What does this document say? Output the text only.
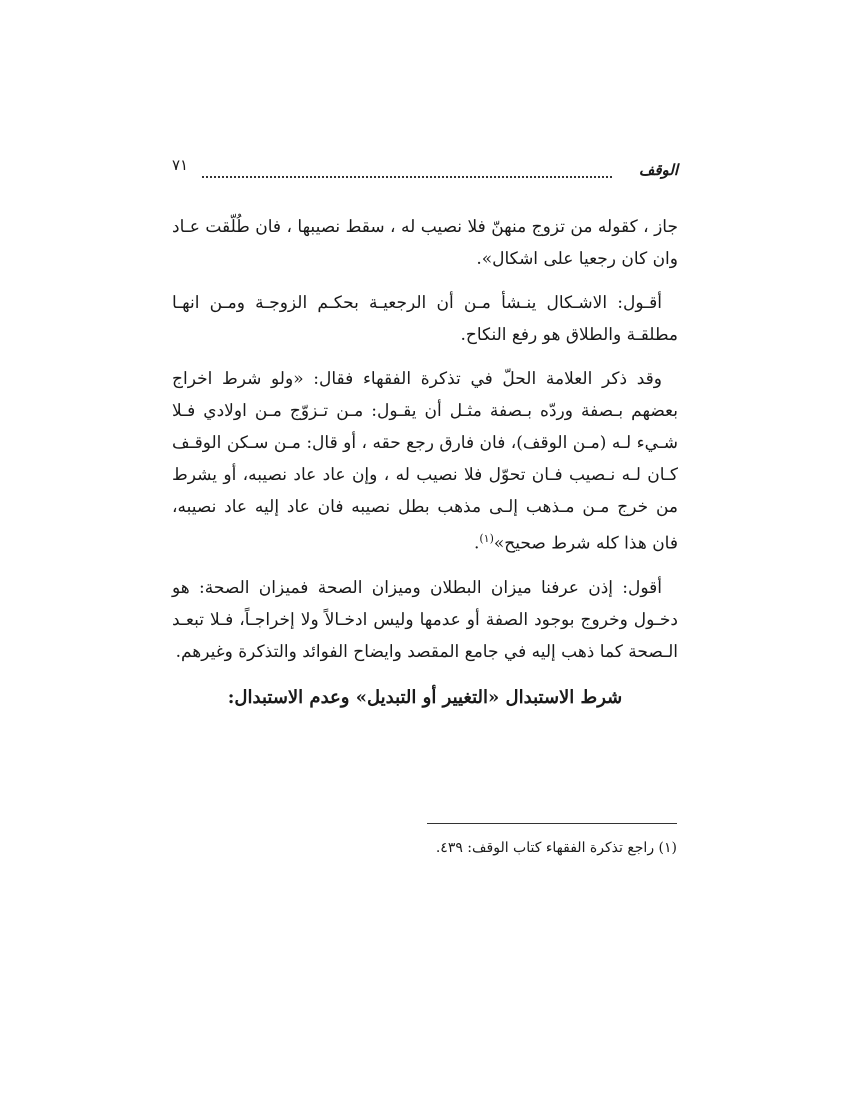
الوقف
٧١

جاز ، كقوله من تزوج منهنّ فلا نصيب له ، سقط نصيبها ، فان طُلّقت عـاد وان كان رجعيا على اشكال».

أقـول: الاشـكال ينـشأ مـن أن الرجعيـة بحكـم الزوجـة ومـن انهـا مطلقـة والطلاق هو رفع النكاح.

وقد ذكر العلامة الحلّ في تذكرة الفقهاء فقال: «ولو شرط اخراج بعضهم بـصفة وردّه بـصفة مثـل أن يقـول: مـن تـزوّج مـن اولادي فـلا شـيء لـه (مـن الوقف)، فان فارق رجع حقه ، أو قال: مـن سـكن الوقـف كـان لـه نـصيب فـان تحوّل فلا نصيب له ، وإن عاد عاد نصيبه، أو يشرط من خرج مـن مـذهب إلـى مذهب بطل نصيبه فان عاد إليه عاد نصيبه، فان هذا كله شرط صحيح»$^{(١)}$.

أقول: إذن عرفنا ميزان البطلان وميزان الصحة فميزان الصحة: هو دخـول وخروج بوجود الصفة أو عدمها وليس ادخـالاً ولا إخراجـاً، فـلا تبعـد الـصحة كما ذهب إليه في جامع المقصد وايضاح الفوائد والتذكرة وغيرهم.

شرط الاستبدال «التغيير أو التبديل» وعدم الاستبدال:
(١) راجع تذكرة الفقهاء كتاب الوقف: ٤٣٩.
